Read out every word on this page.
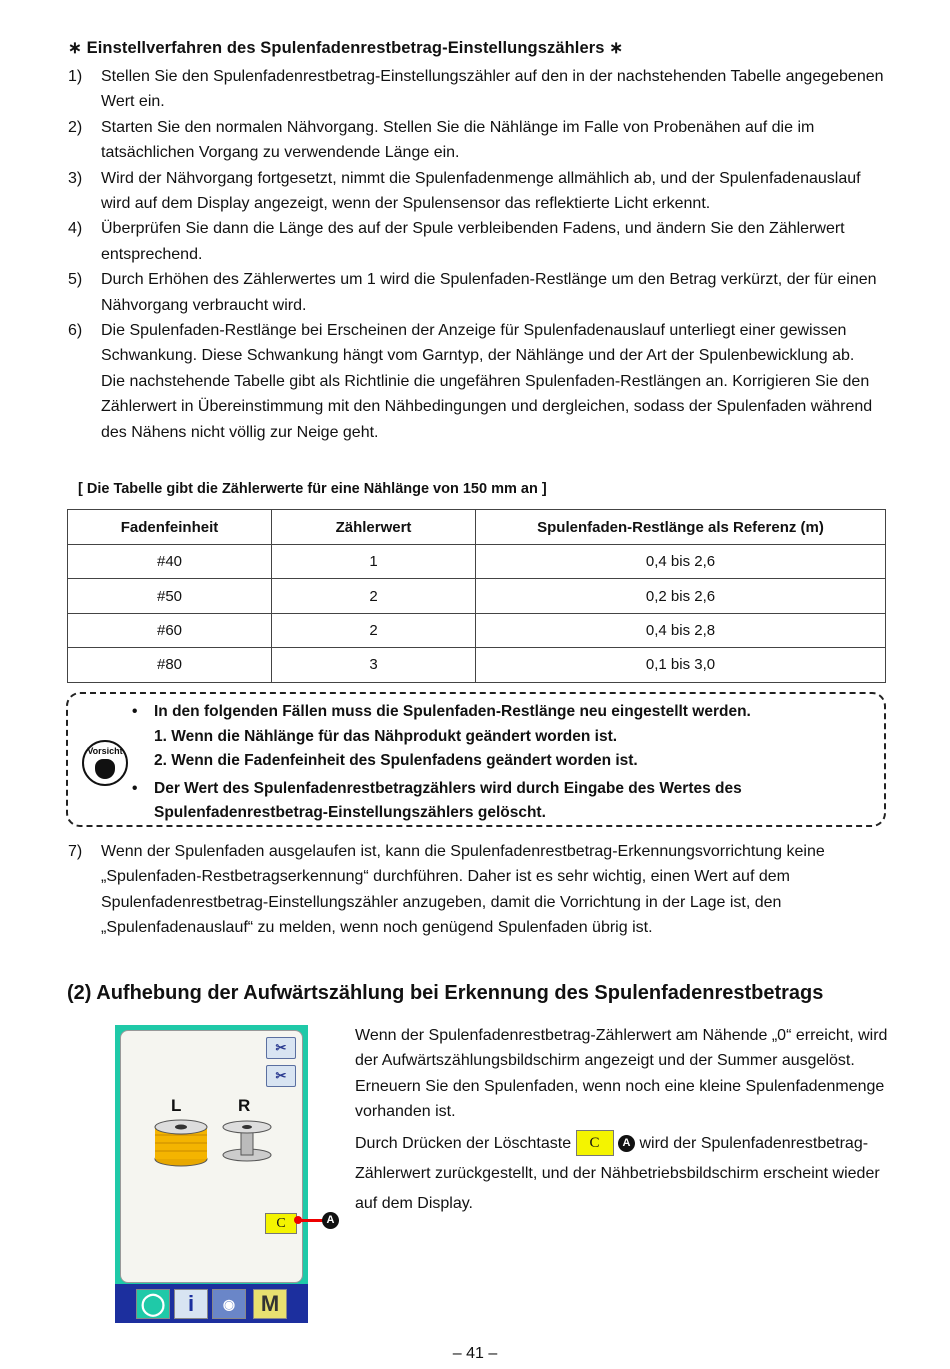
∗ Einstellverfahren des Spulenfadenrestbetrag-Einstellungszählers ∗
1) Stellen Sie den Spulenfadenrestbetrag-Einstellungszähler auf den in der nachstehenden Tabelle angegebenen Wert ein.
2) Starten Sie den normalen Nähvorgang. Stellen Sie die Nählänge im Falle von Probenähen auf die im tatsächlichen Vorgang zu verwendende Länge ein.
3) Wird der Nähvorgang fortgesetzt, nimmt die Spulenfadenmenge allmählich ab, und der Spulenfadenauslauf wird auf dem Display angezeigt, wenn der Spulensensor das reflektierte Licht erkennt.
4) Überprüfen Sie dann die Länge des auf der Spule verbleibenden Fadens, und ändern Sie den Zählerwert entsprechend.
5) Durch Erhöhen des Zählerwertes um 1 wird die Spulenfaden-Restlänge um den Betrag verkürzt, der für einen Nähvorgang verbraucht wird.
6) Die Spulenfaden-Restlänge bei Erscheinen der Anzeige für Spulenfadenauslauf unterliegt einer gewissen Schwankung. Diese Schwankung hängt vom Garntyp, der Nählänge und der Art der Spulenbewicklung ab.
Die nachstehende Tabelle gibt als Richtlinie die ungefähren Spulenfaden-Restlängen an. Korrigieren Sie den Zählerwert in Übereinstimmung mit den Nähbedingungen und dergleichen, sodass der Spulenfaden während des Nähens nicht völlig zur Neige geht.
[ Die Tabelle gibt die Zählerwerte für eine Nählänge von 150 mm an ]
Fadenfeinheit	Zählerwert	Spulenfaden-Restlänge als Referenz (m)
#40	1	0,4 bis 2,6
#50	2	0,2 bis 2,6
#60	2	0,4 bis 2,8
#80	3	0,1 bis 3,0
Vorsicht
• In den folgenden Fällen muss die Spulenfaden-Restlänge neu eingestellt werden.
1. Wenn die Nählänge für das Nähprodukt geändert worden ist.
2. Wenn die Fadenfeinheit des Spulenfadens geändert worden ist.
• Der Wert des Spulenfadenrestbetragzählers wird durch Eingabe des Wertes des Spulenfadenrestbetrag-Einstellungszählers gelöscht.
7) Wenn der Spulenfaden ausgelaufen ist, kann die Spulenfadenrestbetrag-Erkennungsvorrichtung keine „Spulenfaden-Restbetragserkennung“ durchführen. Daher ist es sehr wichtig, einen Wert auf dem Spulenfadenrestbetrag-Einstellungszähler anzugeben, damit die Vorrichtung in der Lage ist, den „Spulenfadenauslauf“ zu melden, wenn noch genügend Spulenfaden übrig ist.
(2) Aufhebung der Aufwärtszählung bei Erkennung des Spulenfadenrestbetrags
✂
✂
L	R
C
◯	i	◉	M
A

Wenn der Spulenfadenrestbetrag-Zählerwert am Nähende „0“ erreicht, wird der Aufwärtszählungsbildschirm angezeigt und der Summer ausgelöst. Erneuern Sie den Spulenfaden, wenn noch eine kleine Spulenfadenmenge vorhanden ist.

Durch Drücken der Löschtaste C A wird der Spulenfadenrestbetrag-Zählerwert zurückgestellt, und der Nähbetriebsbildschirm erscheint wieder auf dem Display.

– 41 –
